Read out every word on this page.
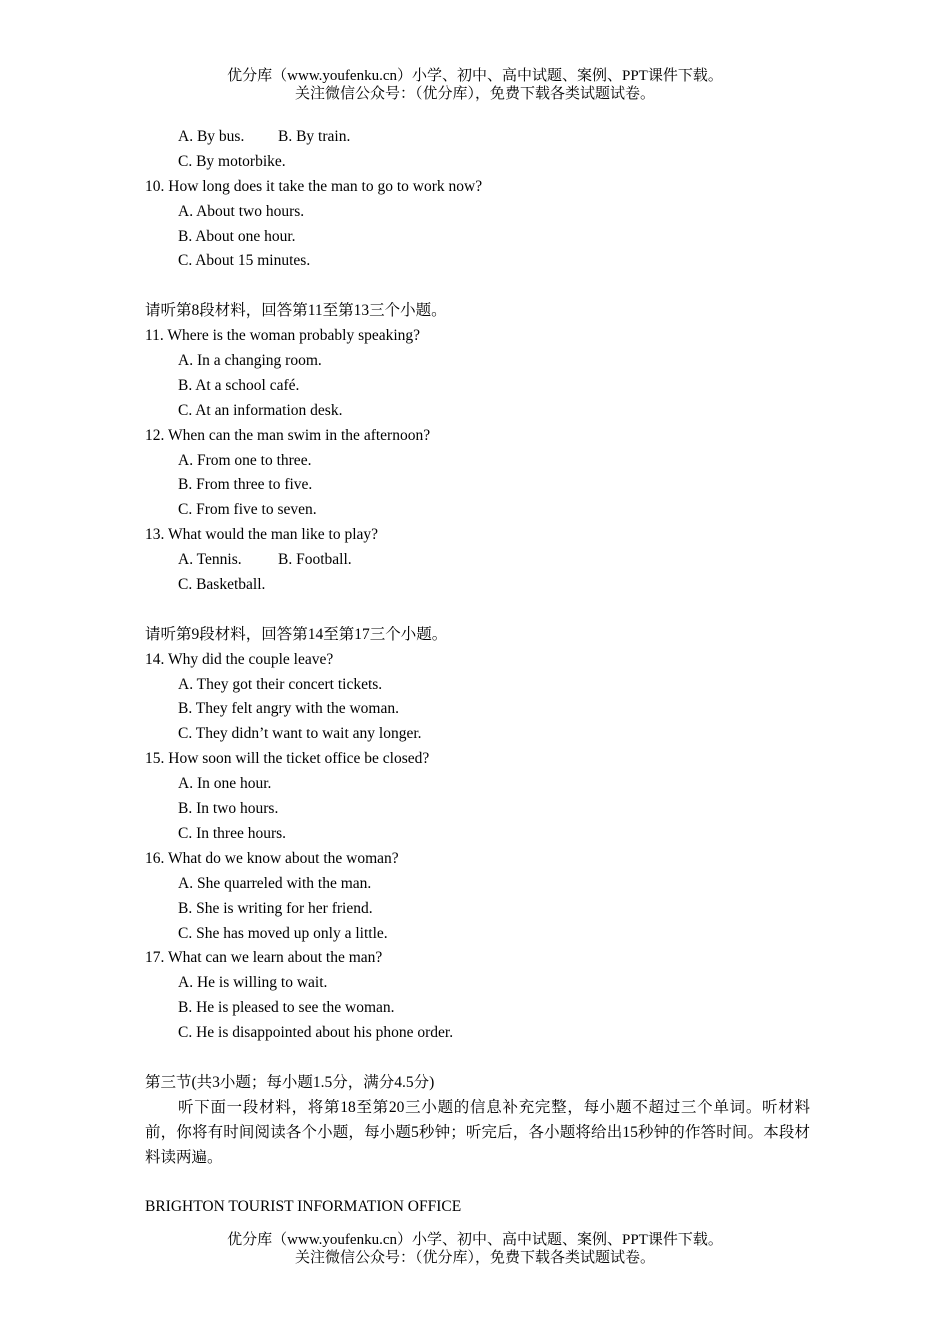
优分库（www.youfenku.cn）小学、初中、高中试题、案例、PPT课件下载。
关注微信公众号：（优分库），免费下载各类试题试卷。
A. By bus. B. By train.
C. By motorbike.
10. How long does it take the man to go to work now?
A. About two hours.
B. About one hour.
C. About 15 minutes.
请听第8段材料，回答第11至第13三个小题。
11. Where is the woman probably speaking?
A. In a changing room.
B. At a school café.
C. At an information desk.
12. When can the man swim in the afternoon?
A. From one to three.
B. From three to five.
C. From five to seven.
13. What would the man like to play?
A. Tennis. B. Football.
C. Basketball.
请听第9段材料，回答第14至第17三个小题。
14. Why did the couple leave?
A. They got their concert tickets.
B. They felt angry with the woman.
C. They didn’t want to wait any longer.
15. How soon will the ticket office be closed?
A. In one hour.
B. In two hours.
C. In three hours.
16. What do we know about the woman?
A. She quarreled with the man.
B. She is writing for her friend.
C. She has moved up only a little.
17. What can we learn about the man?
A. He is willing to wait.
B. He is pleased to see the woman.
C. He is disappointed about his phone order.
第三节(共3小题；每小题1.5分，满分4.5分)
听下面一段材料，将第18至第20三小题的信息补充完整，每小题不超过三个单词。听材料前，你将有时间阅读各个小题，每小题5秒钟；听完后，各小题将给出15秒钟的作答时间。本段材料读两遍。
BRIGHTON TOURIST INFORMATION OFFICE
优分库（www.youfenku.cn）小学、初中、高中试题、案例、PPT课件下载。
关注微信公众号：（优分库），免费下载各类试题试卷。
